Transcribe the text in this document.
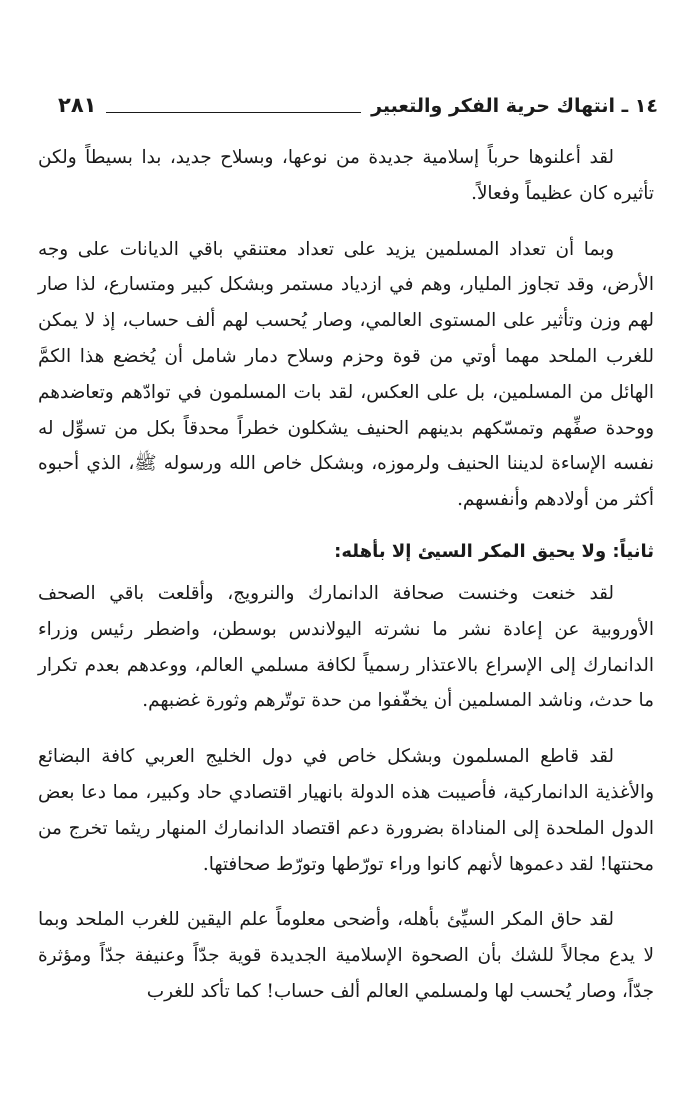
١٤ ـ انتهاك حرية الفكر والتعبير
٢٨١

لقد أعلنوها حرباً إسلامية جديدة من نوعها، وبسلاح جديد، بدا بسيطاً ولكن تأثيره كان عظيماً وفعالاً.

وبما أن تعداد المسلمين يزيد على تعداد معتنقي باقي الديانات على وجه الأرض، وقد تجاوز المليار، وهم في ازدياد مستمر وبشكل كبير ومتسارع، لذا صار لهم وزن وتأثير على المستوى العالمي، وصار يُحسب لهم ألف حساب، إذ لا يمكن للغرب الملحد مهما أوتي من قوة وحزم وسلاح دمار شامل أن يُخضع هذا الكمَّ الهائل من المسلمين، بل على العكس، لقد بات المسلمون في توادّهم وتعاضدهم ووحدة صفِّهم وتمسّكهم بدينهم الحنيف يشكلون خطراً محدقاً بكل من تسوِّل له نفسه الإساءة لديننا الحنيف ولرموزه، وبشكل خاص الله ورسوله ﷺ، الذي أحبوه أكثر من أولادهم وأنفسهم.

ثانياً: ولا يحيق المكر السيئ إلا بأهله:

لقد خنعت وخنست صحافة الدانمارك والنرويج، وأقلعت باقي الصحف الأوروبية عن إعادة نشر ما نشرته اليولاندس بوسطن، واضطر رئيس وزراء الدانمارك إلى الإسراع بالاعتذار رسمياً لكافة مسلمي العالم، ووعدهم بعدم تكرار ما حدث، وناشد المسلمين أن يخفّفوا من حدة توتّرهم وثورة غضبهم.

لقد قاطع المسلمون وبشكل خاص في دول الخليج العربي كافة البضائع والأغذية الدانماركية، فأصيبت هذه الدولة بانهيار اقتصادي حاد وكبير، مما دعا بعض الدول الملحدة إلى المناداة بضرورة دعم اقتصاد الدانمارك المنهار ريثما تخرج من محنتها! لقد دعموها لأنهم كانوا وراء تورّطها وتورّط صحافتها.

لقد حاق المكر السيِّئ بأهله، وأضحى معلوماً علم اليقين للغرب الملحد وبما لا يدع مجالاً للشك بأن الصحوة الإسلامية الجديدة قوية جدّاً وعنيفة جدّاً ومؤثرة جدّاً، وصار يُحسب لها ولمسلمي العالم ألف حساب! كما تأكد للغرب
